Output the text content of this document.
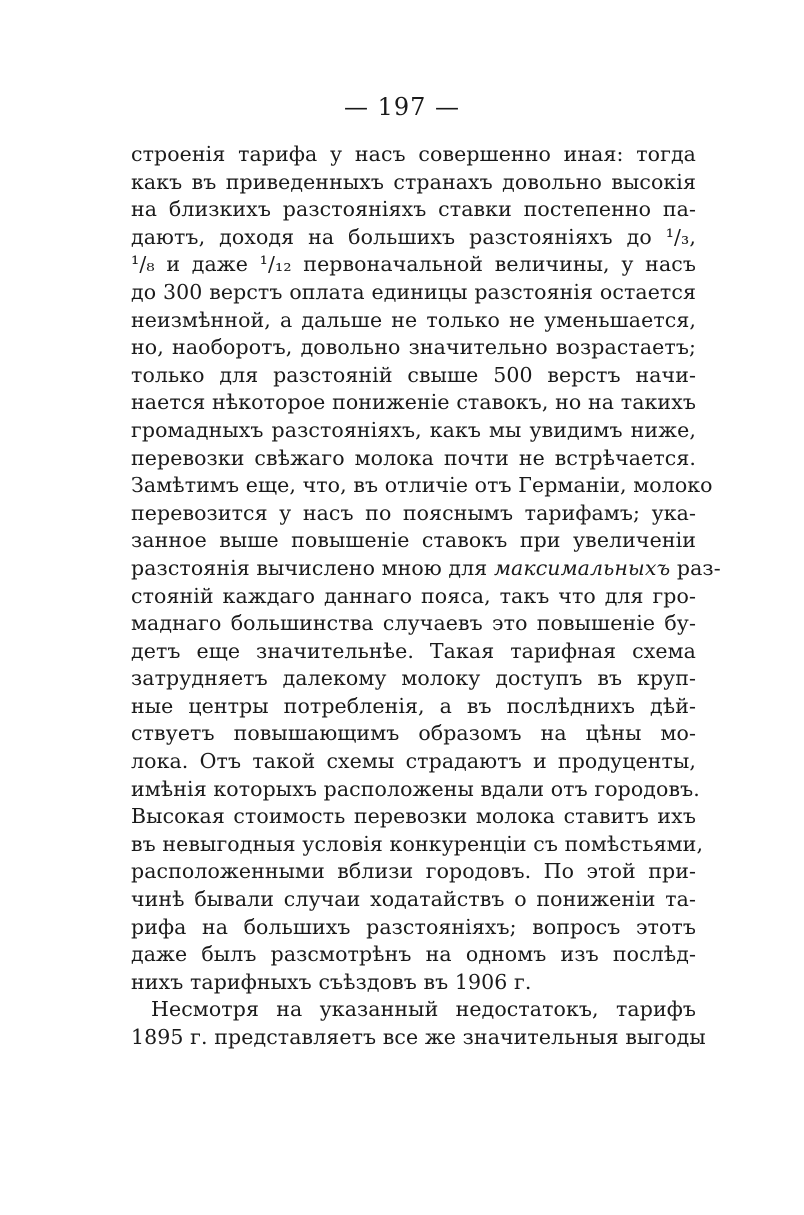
— 197 —
строенія тарифа у насъ совершенно иная: тогда
какъ въ приведенныхъ странахъ довольно высокія
на близкихъ разстояніяхъ ставки постепенно па-
даютъ, доходя на большихъ разстояніяхъ до ¹/₃,
¹/₈ и даже ¹/₁₂ первоначальной величины, у насъ
до 300 верстъ оплата единицы разстоянія остается
неизмѣнной, а дальше не только не уменьшается,
но, наоборотъ, довольно значительно возрастаетъ;
только для разстояній свыше 500 верстъ начи-
нается нѣкоторое пониженіе ставокъ, но на такихъ
громадныхъ разстояніяхъ, какъ мы увидимъ ниже,
перевозки свѣжаго молока почти не встрѣчается.
Замѣтимъ еще, что, въ отличіе отъ Германіи, молоко
перевозится у насъ по пояснымъ тарифамъ; ука-
занное выше повышеніе ставокъ при увеличеніи
разстоянія вычислено мною для максимальныхъ раз-
стояній каждаго даннаго пояса, такъ что для гро-
маднаго большинства случаевъ это повышеніе бу-
детъ еще значительнѣе. Такая тарифная схема
затрудняетъ далекому молоку доступъ въ круп-
ные центры потребленія, а въ послѣднихъ дѣй-
ствуетъ повышающимъ образомъ на цѣны мо-
лока. Отъ такой схемы страдаютъ и продуценты,
имѣнія которыхъ расположены вдали отъ городовъ.
Высокая стоимость перевозки молока ставитъ ихъ
въ невыгодныя условія конкуренціи съ помѣстьями,
расположенными вблизи городовъ. По этой при-
чинѣ бывали случаи ходатайствъ о пониженіи та-
рифа на большихъ разстояніяхъ; вопросъ этотъ
даже былъ разсмотрѣнъ на одномъ изъ послѣд-
нихъ тарифныхъ съѣздовъ въ 1906 г.
Несмотря на указанный недостатокъ, тарифъ
1895 г. представляетъ все же значительныя выгоды
